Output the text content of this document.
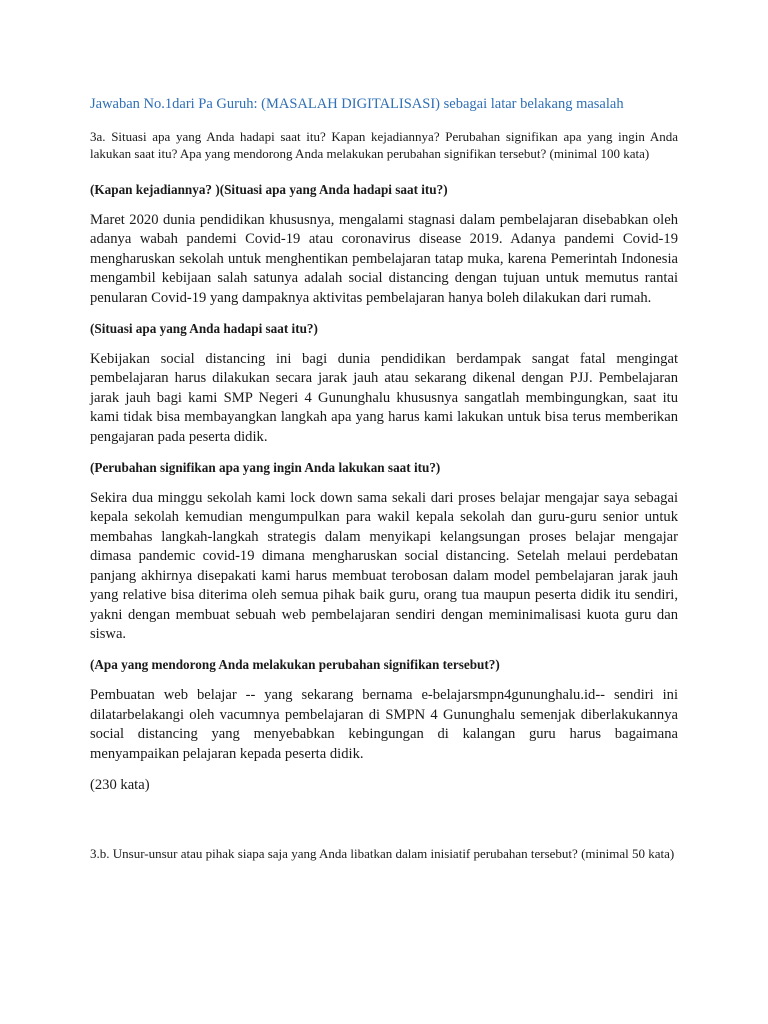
Jawaban No.1dari Pa Guruh: (MASALAH DIGITALISASI) sebagai latar belakang masalah

3a. Situasi apa yang Anda hadapi saat itu? Kapan kejadiannya? Perubahan signifikan apa yang ingin Anda lakukan saat itu? Apa yang mendorong Anda melakukan perubahan signifikan tersebut? (minimal 100 kata)

(Kapan kejadiannya? )(Situasi apa yang Anda hadapi saat itu?)

Maret 2020 dunia pendidikan khususnya, mengalami stagnasi dalam pembelajaran disebabkan oleh adanya wabah pandemi Covid-19 atau coronavirus disease 2019. Adanya pandemi Covid-19 mengharuskan sekolah untuk menghentikan pembelajaran tatap muka, karena Pemerintah Indonesia mengambil kebijaan salah satunya adalah social distancing dengan tujuan untuk memutus rantai penularan Covid-19 yang dampaknya aktivitas pembelajaran hanya boleh dilakukan dari rumah.

(Situasi apa yang Anda hadapi saat itu?)

Kebijakan social distancing ini bagi dunia pendidikan berdampak sangat fatal mengingat pembelajaran harus dilakukan secara jarak jauh atau sekarang dikenal dengan PJJ. Pembelajaran jarak jauh bagi kami SMP Negeri 4 Gununghalu khususnya sangatlah membingungkan, saat itu kami tidak bisa membayangkan langkah apa yang harus kami lakukan untuk bisa terus memberikan pengajaran pada peserta didik.

(Perubahan signifikan apa yang ingin Anda lakukan saat itu?)

Sekira dua minggu sekolah kami lock down sama sekali dari proses belajar mengajar saya sebagai kepala sekolah kemudian mengumpulkan para wakil kepala sekolah dan guru-guru senior untuk membahas langkah-langkah strategis dalam menyikapi kelangsungan proses belajar mengajar dimasa pandemic covid-19 dimana mengharuskan social distancing. Setelah melaui perdebatan panjang akhirnya disepakati kami harus membuat terobosan dalam model pembelajaran jarak jauh yang relative bisa diterima oleh semua pihak baik guru, orang tua maupun peserta didik itu sendiri, yakni dengan membuat sebuah web pembelajaran sendiri dengan meminimalisasi kuota guru dan siswa.

(Apa yang mendorong Anda melakukan perubahan signifikan tersebut?)

Pembuatan web belajar -- yang sekarang bernama e-belajarsmpn4gununghalu.id-- sendiri ini dilatarbelakangi oleh vacumnya pembelajaran di SMPN 4 Gununghalu semenjak diberlakukannya social distancing yang menyebabkan kebingungan di kalangan guru harus bagaimana menyampaikan pelajaran kepada peserta didik.

(230 kata)

3.b. Unsur-unsur atau pihak siapa saja yang Anda libatkan dalam inisiatif perubahan tersebut? (minimal 50 kata)
